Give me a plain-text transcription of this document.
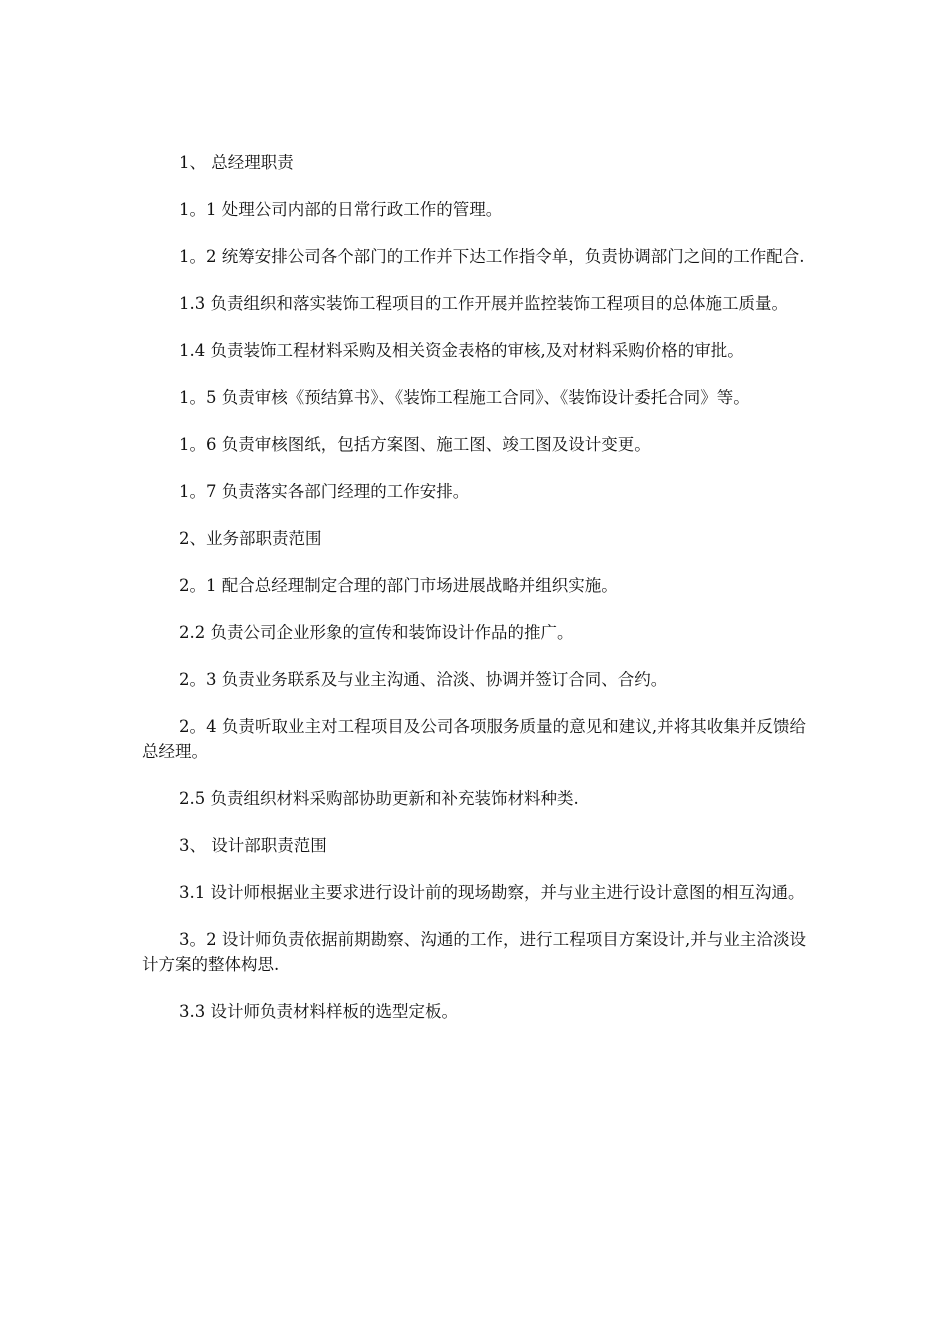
1、 总经理职责

1。1 处理公司内部的日常行政工作的管理。

1。2 统筹安排公司各个部门的工作并下达工作指令单，负责协调部门之间的工作配合.

1.3 负责组织和落实装饰工程项目的工作开展并监控装饰工程项目的总体施工质量。

1.4 负责装饰工程材料采购及相关资金表格的审核,及对材料采购价格的审批。

1。5 负责审核《预结算书》、《装饰工程施工合同》、《装饰设计委托合同》等。

1。6 负责审核图纸，包括方案图、施工图、竣工图及设计变更。

1。7 负责落实各部门经理的工作安排。

2、业务部职责范围

2。1 配合总经理制定合理的部门市场进展战略并组织实施。

2.2 负责公司企业形象的宣传和装饰设计作品的推广。

2。3 负责业务联系及与业主沟通、洽淡、协调并签订合同、合约。

2。4 负责听取业主对工程项目及公司各项服务质量的意见和建议,并将其收集并反馈给总经理。

2.5 负责组织材料采购部协助更新和补充装饰材料种类.

3、 设计部职责范围

3.1 设计师根据业主要求进行设计前的现场勘察，并与业主进行设计意图的相互沟通。

3。2 设计师负责依据前期勘察、沟通的工作，进行工程项目方案设计,并与业主洽淡设计方案的整体构思.

3.3 设计师负责材料样板的选型定板。
